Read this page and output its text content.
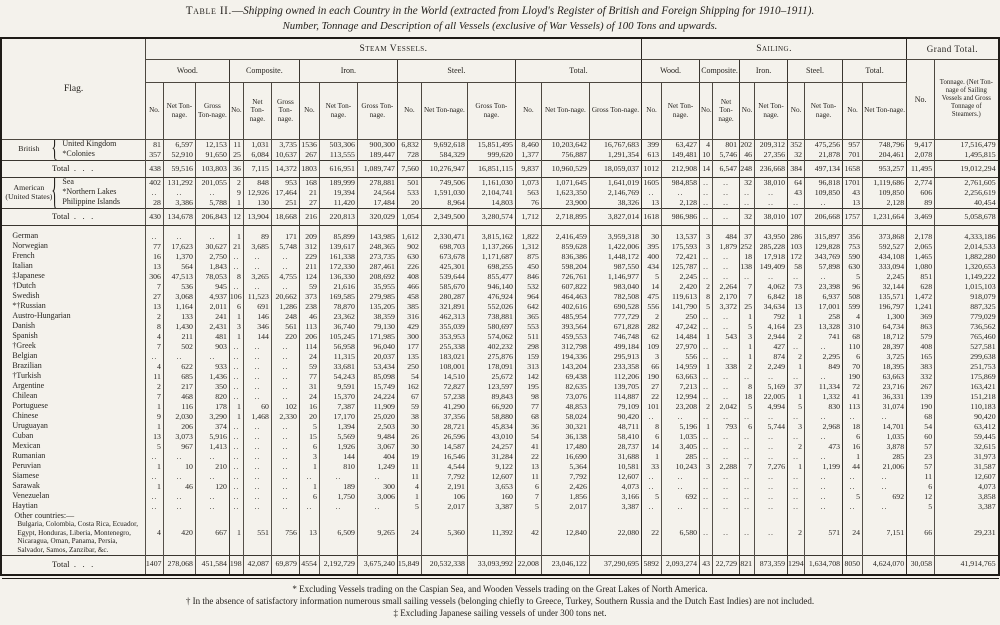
Table II.—Shipping owned in each Country in the World (extracted from Lloyd's Register of British and Foreign Shipping for 1910–1911).
Number, Tonnage and Description of all Vessels (exclusive of War Vessels) of 100 Tons and upwards.
Flag.		Steam Vessels.															Sailing.										Grand Total.	
		Wood.			Composite.			Iron.			Steel.			Total.			Wood.		Composite.		Iron.		Steel.		Total.		No.	Tonnage. (Net Ton-nage of Sailing Vessels and Gross Tonnage of Steamers.)
		No.	Net Ton-nage.	Gross Ton-nage.	No.	Net Ton-nage.	Gross Ton-nage.	No.	Net Ton-nage.	Gross Ton-nage.	No.	Net Ton-nage.	Gross Ton-nage.	No.	Net Ton-nage.	Gross Ton-nage.	No.	Net Ton-nage.	No.	Net Ton-nage.	No.	Net Ton-nage.	No.	Net Ton-nage.	No.	Net Ton-nage.		
British {	United Kingdom	81	6,597	12,153	11	1,031	3,735	1536	503,306	900,300	6,832	9,692,618	15,851,495	8,460	10,203,642	16,767,683	399	63,427	4	801	202	209,312	352	475,256	957	748,796	9,417	17,516,479
	*Colonies	357	52,910	91,650	25	6,084	10,637	267	113,555	189,447	728	584,329	999,620	1,377	756,887	1,291,354	613	149,481	10	5,746	46	27,356	32	21,878	701	204,461	2,078	1,495,815
Total .   .		438	59,516	103,803	36	7,115	14,372	1803	616,951	1,089,747	7,560	10,276,947	16,851,115	9,837	10,960,529	18,059,037	1012	212,908	14	6,547	248	236,668	384	497,134	1658	953,257	11,495	19,012,294
American (United States) {	Sea	402	131,292	201,055	2	848	953	168	189,999	278,881	501	749,506	1,161,030	1,073	1,071,645	1,641,019	1605	984,858	..	..	32	38,010	64	96,818	1701	1,119,686	2,774	2,761,605
	*Northern Lakes	..	..	..	9	12,926	17,464	21	19,394	24,564	533	1,591,030	2,104,741	563	1,623,350	2,146,769	..	..	..	..	..	..	43	109,850	43	109,850	606	2,256,619
	Philippine Islands	28	3,386	5,788	1	130	251	27	11,420	17,484	20	8,964	14,803	76	23,900	38,326	13	2,128	..	..	..	..	..	..	13	2,128	89	40,454
Total .   .		430	134,678	206,843	12	13,904	18,668	216	220,813	320,029	1,054	2,349,500	3,280,574	1,712	2,718,895	3,827,014	1618	986,986	..	..	32	38,010	107	206,668	1757	1,231,664	3,469	5,058,678
German		..	..	..	1	89	171	209	85,899	143,985	1,612	2,330,471	3,815,162	1,822	2,416,459	3,959,318	30	13,537	3	484	37	43,950	286	315,897	356	373,868	2,178	4,333,186
Norwegian		77	17,623	30,627	21	3,685	5,748	312	139,617	248,365	902	698,703	1,137,266	1,312	859,628	1,422,006	395	175,593	3	1,879	252	285,228	103	129,828	753	592,527	2,065	2,014,533
French		16	1,370	2,750	..	..	..	229	161,338	273,735	630	673,678	1,171,687	875	836,386	1,448,172	400	72,421	..	..	18	17,918	172	343,769	590	434,108	1,465	1,882,280
Italian		13	564	1,843	..	..	..	211	172,330	287,461	226	425,301	698,255	450	598,204	987,550	434	125,787	..	..	138	149,409	58	57,898	630	333,094	1,080	1,320,653
‡Japanese		306	47,513	78,053	8	3,265	4,755	124	136,330	208,692	408	539,644	855,477	846	726,761	1,146,977	5	2,245	..	..	..	..	..	..	5	2,245	851	1,149,222
†Dutch		7	536	945	..	..	..	59	21,616	35,955	466	585,670	946,140	532	607,822	983,040	14	2,420	2	2,264	7	4,062	73	23,398	96	32,144	628	1,015,103
Swedish		27	3,068	4,937	106	11,523	20,662	373	169,585	279,985	458	280,287	476,924	964	464,463	782,508	475	119,613	8	2,170	7	6,842	18	6,937	508	135,571	1,472	918,079
*†Russian		13	1,164	2,011	6	691	1,286	238	78,870	135,205	385	321,891	552,026	642	402,616	690,528	556	141,790	5	3,372	25	34,634	13	17,001	599	196,797	1,241	887,325
Austro-Hungarian		2	133	241	1	146	248	46	23,362	38,359	316	462,313	738,881	365	485,954	777,729	2	250	..	..	1	792	1	258	4	1,300	369	779,029
Danish		8	1,430	2,431	3	346	561	113	36,740	79,130	429	355,039	580,697	553	393,564	671,828	282	47,242	..	..	5	4,164	23	13,328	310	64,734	863	736,562
Spanish		4	211	481	1	144	220	206	105,245	171,985	300	353,953	574,062	511	459,553	746,748	62	14,484	1	543	3	2,944	2	741	68	18,712	579	765,460
†Greek		7	502	903	..	..	..	114	56,958	96,040	177	255,338	402,232	298	312,798	499,184	109	27,970	..	..	1	427	..	..	110	28,397	408	527,581
Belgian		..	..	..	..	..	..	24	11,315	20,037	135	183,021	275,876	159	194,336	295,913	3	556	..	..	1	874	2	2,295	6	3,725	165	299,638
Brazilian		4	622	933	..	..	..	59	33,681	53,434	250	108,001	178,091	313	143,204	233,358	66	14,959	1	338	2	2,249	1	849	70	18,395	383	251,753
†Turkish		11	685	1,436	..	..	..	77	54,243	85,098	54	14,510	25,672	142	69,438	112,206	190	63,663	..	..	..	..	..	..	190	63,663	332	175,869
Argentine		2	217	350	..	..	..	31	9,591	15,749	162	72,827	123,597	195	82,635	139,705	27	7,213	..	..	8	5,169	37	11,334	72	23,716	267	163,421
Chilean		7	468	820	..	..	..	24	15,370	24,224	67	57,238	89,843	98	73,076	114,887	22	12,994	..	..	18	22,005	1	1,332	41	36,331	139	151,218
Portuguese		1	116	178	1	60	102	16	7,387	11,909	59	41,290	66,920	77	48,853	79,109	101	23,208	2	2,042	5	4,994	5	830	113	31,074	190	110,183
Chinese		9	2,030	3,290	1	1,468	2,330	20	17,170	25,020	38	37,356	58,880	68	58,024	90,420	..	..	..	..	..	..	..	..	..	..	68	90,420
Uruguayan		1	206	374	..	..	..	5	1,394	2,503	30	28,721	45,834	36	30,321	48,711	8	5,196	1	793	6	5,744	3	2,968	18	14,701	54	63,412
Cuban		13	3,073	5,916	..	..	..	15	5,569	9,484	26	26,596	43,010	54	36,138	58,410	6	1,035	..	..	..	..	..	..	6	1,035	60	59,445
Mexican		5	967	1,413	..	..	..	6	1,926	3,067	30	14,587	24,257	41	17,480	28,737	14	3,405	..	..	..	..	2	473	16	3,878	57	32,615
Rumanian		..	..	..	..	..	..	3	144	404	19	16,546	31,284	22	16,690	31,688	1	285	..	..	..	..	..	..	1	285	23	31,973
Peruvian		1	10	210	..	..	..	1	810	1,249	11	4,544	9,122	13	5,364	10,581	33	10,243	3	2,288	7	7,276	1	1,199	44	21,006	57	31,587
Siamese		..	..	..	..	..	..	..	..	..	11	7,792	12,607	11	7,792	12,607	..	..	..	..	..	..	..	..	..	..	11	12,607
Sarawak		1	46	120	..	..	..	1	189	300	4	2,191	3,653	6	2,426	4,073	..	..	..	..	..	..	..	..	..	..	6	4,073
Venezuelan		..	..	..	..	..	..	6	1,750	3,006	1	106	160	7	1,856	3,166	5	692	..	..	..	..	..	..	5	692	12	3,858
Haytian		..	..	..	..	..	..	..	..	..	5	2,017	3,387	5	2,017	3,387	..	..	..	..	..	..	..	..	..	..	5	3,387

Other countries:—
Bulgaria, Colombia, Costa Rica, Ecuador, Egypt, Honduras, Liberia, Montenegro, Nicaragua, Oman, Panama, Persia, Salvador, Samos, Zanzibar, &c.		4	420	667	1	551	756	13	6,509	9,265	24	5,360	11,392	42	12,840	22,080	22	6,580	..	..	..	..	2	571	24	7,151	66	29,231
Total .   .		1407	278,068	451,584	198	42,087	69,879	4554	2,192,729	3,675,240	15,849	20,532,338	33,093,992	22,008	23,046,122	37,290,695	5892	2,093,274	43	22,729	821	873,359	1294	1,634,708	8050	4,624,070	30,058	41,914,765
* Excluding Vessels trading on the Caspian Sea, and Wooden Vessels trading on the Great Lakes of North America.
† In the absence of satisfactory information numerous small sailing vessels (belonging chiefly to Greece, Turkey, Southern Russia and the Dutch East Indies) are not included.
‡ Excluding Japanese sailing vessels of under 300 tons net.
